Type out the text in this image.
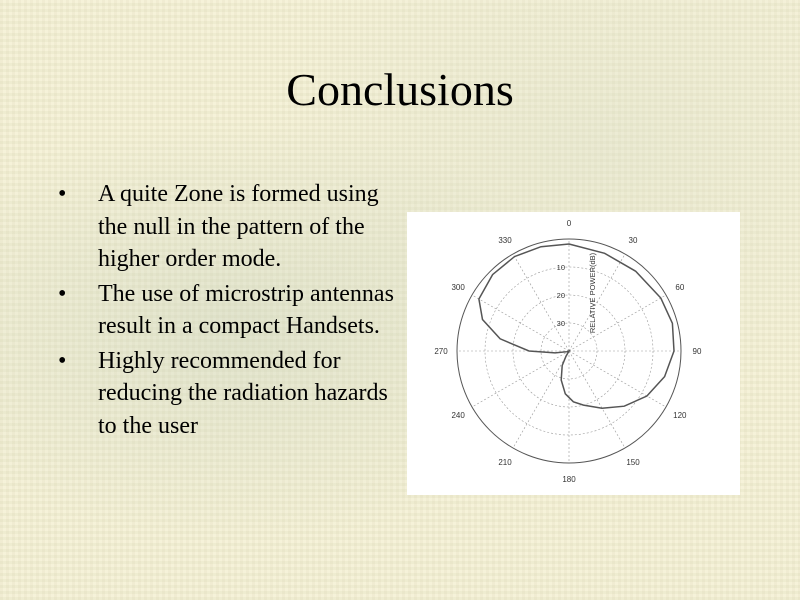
Conclusions
• A quite Zone is formed using the null in the pattern of the higher order mode.
• The use of microstrip antennas result in a compact Handsets.
• Highly recommended for reducing the radiation hazards to the user
0
30
60
90
120
150
180
210
240
270
300
330
10
20
30	RELATIVE POWER(dB)
